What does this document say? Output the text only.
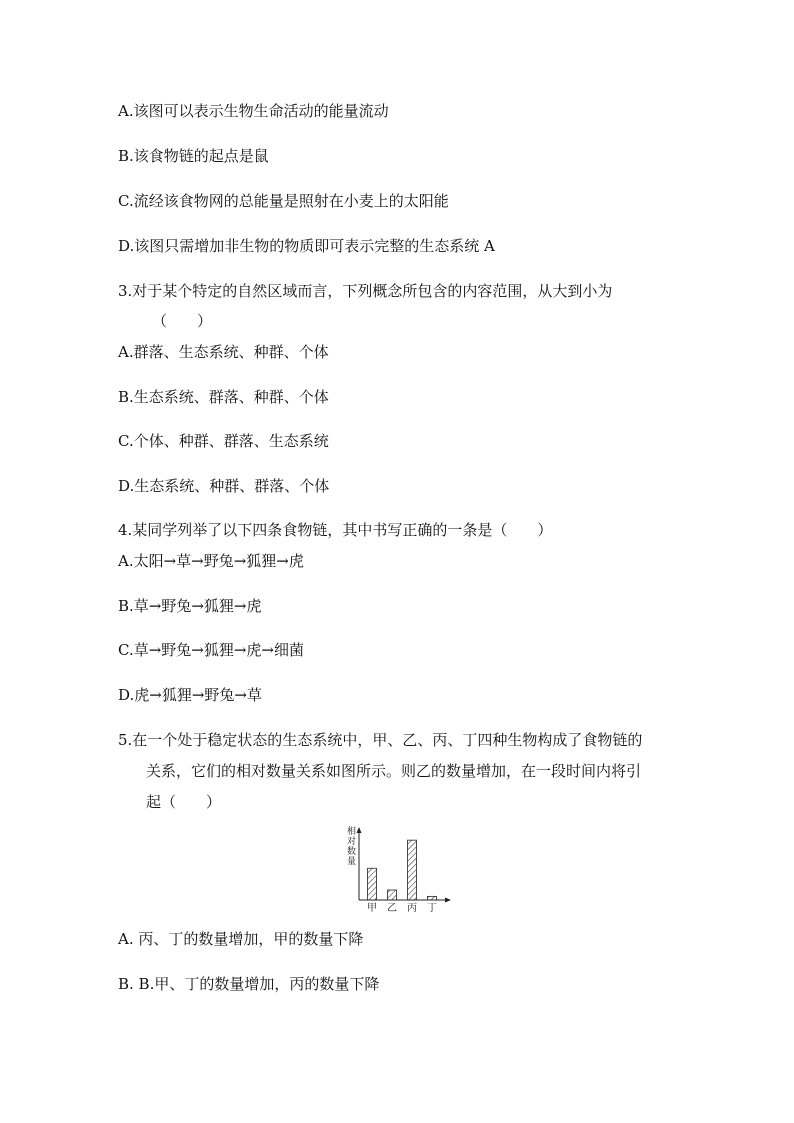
A.该图可以表示生物生命活动的能量流动
B.该食物链的起点是鼠
C.流经该食物网的总能量是照射在小麦上的太阳能
D.该图只需增加非生物的物质即可表示完整的生态系统 A
3.对于某个特定的自然区域而言，下列概念所包含的内容范围，从大到小为
（　　）
A.群落、生态系统、种群、个体
B.生态系统、群落、种群、个体
C.个体、种群、群落、生态系统
D.生态系统、种群、群落、个体
4.某同学列举了以下四条食物链，其中书写正确的一条是（　　）
A.太阳→草→野兔→狐狸→虎
B.草→野兔→狐狸→虎
C.草→野兔→狐狸→虎→细菌
D.虎→狐狸→野兔→草
5.在一个处于稳定状态的生态系统中，甲、乙、丙、丁四种生物构成了食物链的
关系，它们的相对数量关系如图所示。则乙的数量增加，在一段时间内将引
起（　　）
相对数量
甲 乙 丙 丁
A. 丙、丁的数量增加，甲的数量下降
B. B.甲、丁的数量增加，丙的数量下降
